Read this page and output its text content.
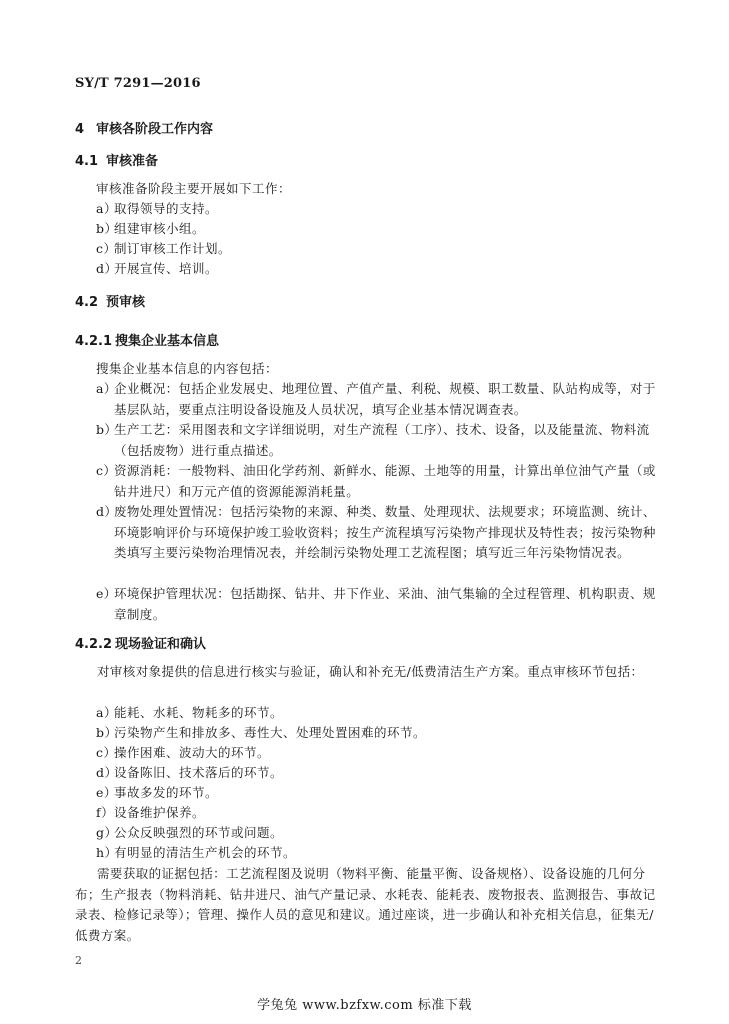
SY/T 7291—2016
4 审核各阶段工作内容
4.1 审核准备
审核准备阶段主要开展如下工作：
a）取得领导的支持。
b）组建审核小组。
c）制订审核工作计划。
d）开展宣传、培训。
4.2 预审核
4.2.1 搜集企业基本信息
搜集企业基本信息的内容包括：
a）企业概况：包括企业发展史、地理位置、产值产量、利税、规模、职工数量、队站构成等，对于基层队站，要重点注明设备设施及人员状况，填写企业基本情况调查表。
b）生产工艺：采用图表和文字详细说明，对生产流程（工序）、技术、设备，以及能量流、物料流（包括废物）进行重点描述。
c）资源消耗：一般物料、油田化学药剂、新鲜水、能源、土地等的用量，计算出单位油气产量（或钻井进尺）和万元产值的资源能源消耗量。
d）废物处理处置情况：包括污染物的来源、种类、数量、处理现状、法规要求；环境监测、统计、环境影响评价与环境保护竣工验收资料；按生产流程填写污染物产排现状及特性表；按污染物种类填写主要污染物治理情况表，并绘制污染物处理工艺流程图；填写近三年污染物情况表。
e）环境保护管理状况：包括勘探、钻井、井下作业、采油、油气集输的全过程管理、机构职责、规章制度。
4.2.2 现场验证和确认
对审核对象提供的信息进行核实与验证，确认和补充无/低费清洁生产方案。重点审核环节包括：
a）能耗、水耗、物耗多的环节。
b）污染物产生和排放多、毒性大、处理处置困难的环节。
c）操作困难、波动大的环节。
d）设备陈旧、技术落后的环节。
e）事故多发的环节。
f）设备维护保养。
g）公众反映强烈的环节或问题。
h）有明显的清洁生产机会的环节。
需要获取的证据包括：工艺流程图及说明（物料平衡、能量平衡、设备规格）、设备设施的几何分布；生产报表（物料消耗、钻井进尺、油气产量记录、水耗表、能耗表、废物报表、监测报告、事故记录表、检修记录等）；管理、操作人员的意见和建议。通过座谈，进一步确认和补充相关信息，征集无/低费方案。
2
学兔兔 www.bzfxw.com 标准下载
